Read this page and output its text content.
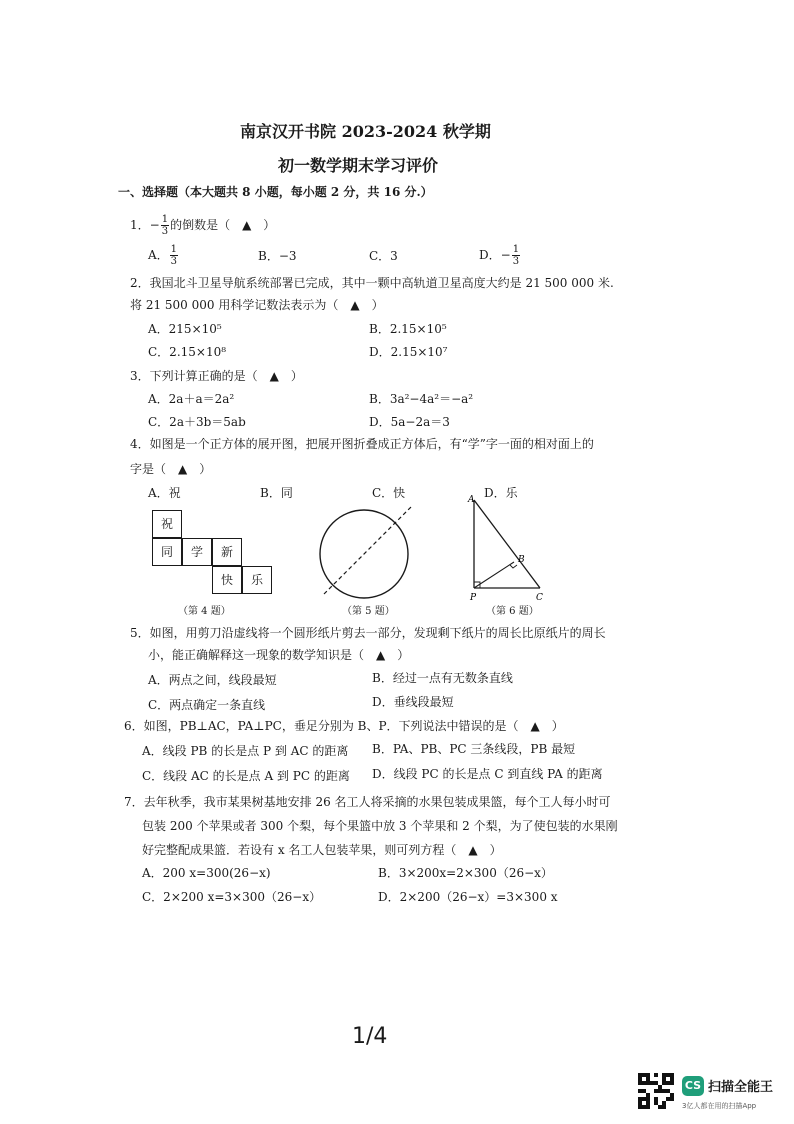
南京汉开书院 2023-2024 秋学期
初一数学期末学习评价
一、选择题（本大题共 8 小题，每小题 2 分，共 16 分.）
1．− $\frac{1}{3}$ 的倒数是（　▲　）
A． $\frac{1}{3}$	B．−3	C．3	D．− $\frac{1}{3}$
2．我国北斗卫星导航系统部署已完成，其中一颗中高轨道卫星高度大约是 21 500 000 米.
将 21 500 000 用科学记数法表示为（　▲　）
A．215×10⁵	B．2.15×10⁵
C．2.15×10⁸	D．2.15×10⁷
3．下列计算正确的是（　▲　）
A．2a＋a＝2a²	B．3a²−4a²＝−a²
C．2a＋3b＝5ab	D．5a−2a＝3
4．如图是一个正方体的展开图，把展开图折叠成正方体后，有“学”字一面的相对面上的
字是（　▲　）
A．祝	B．同	C．快	D．乐
祝
同	学	新
快	乐
（第 4 题）	（第 5 题）
A
B
P	C
（第 6 题）
5．如图，用剪刀沿虚线将一个圆形纸片剪去一部分，发现剩下纸片的周长比原纸片的周长
小，能正确解释这一现象的数学知识是（　▲　）
A．两点之间，线段最短	B．经过一点有无数条直线
C．两点确定一条直线	D．垂线段最短
6．如图，PB⊥AC，PA⊥PC，垂足分别为 B、P．下列说法中错误的是（　▲　）
A．线段 PB 的长是点 P 到 AC 的距离 B．PA、PB、PC 三条线段，PB 最短
C．线段 AC 的长是点 A 到 PC 的距离 D．线段 PC 的长是点 C 到直线 PA 的距离
7．去年秋季，我市某果树基地安排 26 名工人将采摘的水果包装成果篮，每个工人每小时可
包装 200 个苹果或者 300 个梨，每个果篮中放 3 个苹果和 2 个梨，为了使包装的水果刚
好完整配成果篮．若设有 x 名工人包装苹果，则可列方程（　▲　）
A．200 x=300(26−x)	B．3×200x=2×300（26−x）
C．2×200 x=3×300（26−x）	D．2×200（26−x）=3×300 x
1/4
CS 扫描全能王
3亿人都在用的扫描App
